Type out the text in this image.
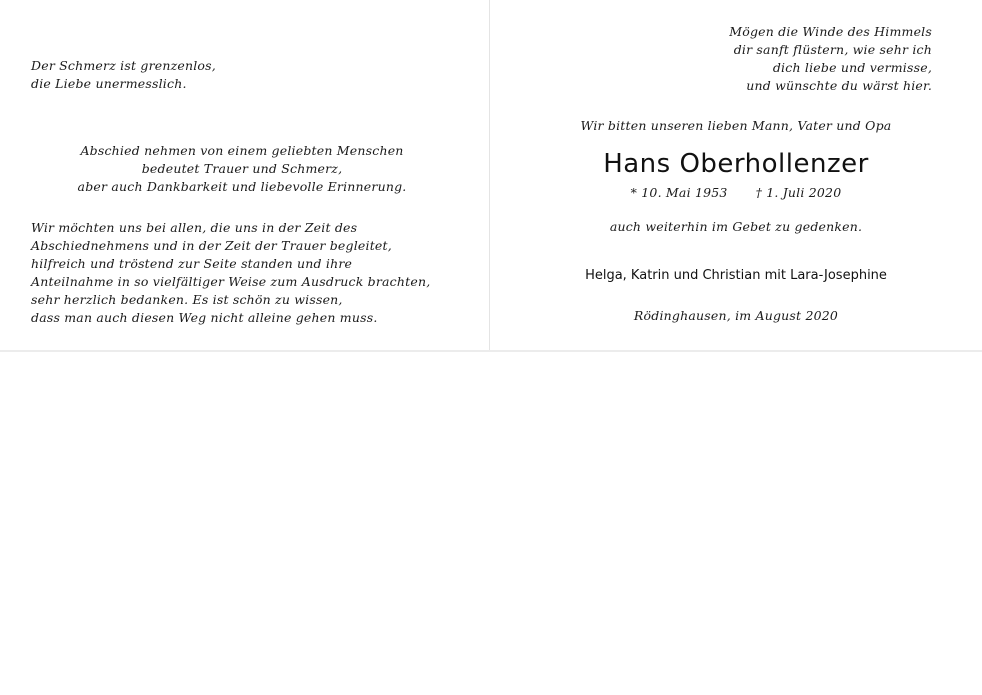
Der Schmerz ist grenzenlos,
die Liebe unermesslich.
Abschied nehmen von einem geliebten Menschen
bedeutet Trauer und Schmerz,
aber auch Dankbarkeit und liebevolle Erinnerung.
Wir möchten uns bei allen, die uns in der Zeit des
Abschiednehmens und in der Zeit der Trauer begleitet,
hilfreich und tröstend zur Seite standen und ihre
Anteilnahme in so vielfältiger Weise zum Ausdruck brachten,
sehr herzlich bedanken. Es ist schön zu wissen,
dass man auch diesen Weg nicht alleine gehen muss.
Mögen die Winde des Himmels
dir sanft flüstern, wie sehr ich
dich liebe und vermisse,
und wünschte du wärst hier.
Wir bitten unseren lieben Mann, Vater und Opa
Hans Oberhollenzer
* 10. Mai 1953 † 1. Juli 2020
auch weiterhin im Gebet zu gedenken.
Helga, Katrin und Christian mit Lara-Josephine
Rödinghausen, im August 2020
